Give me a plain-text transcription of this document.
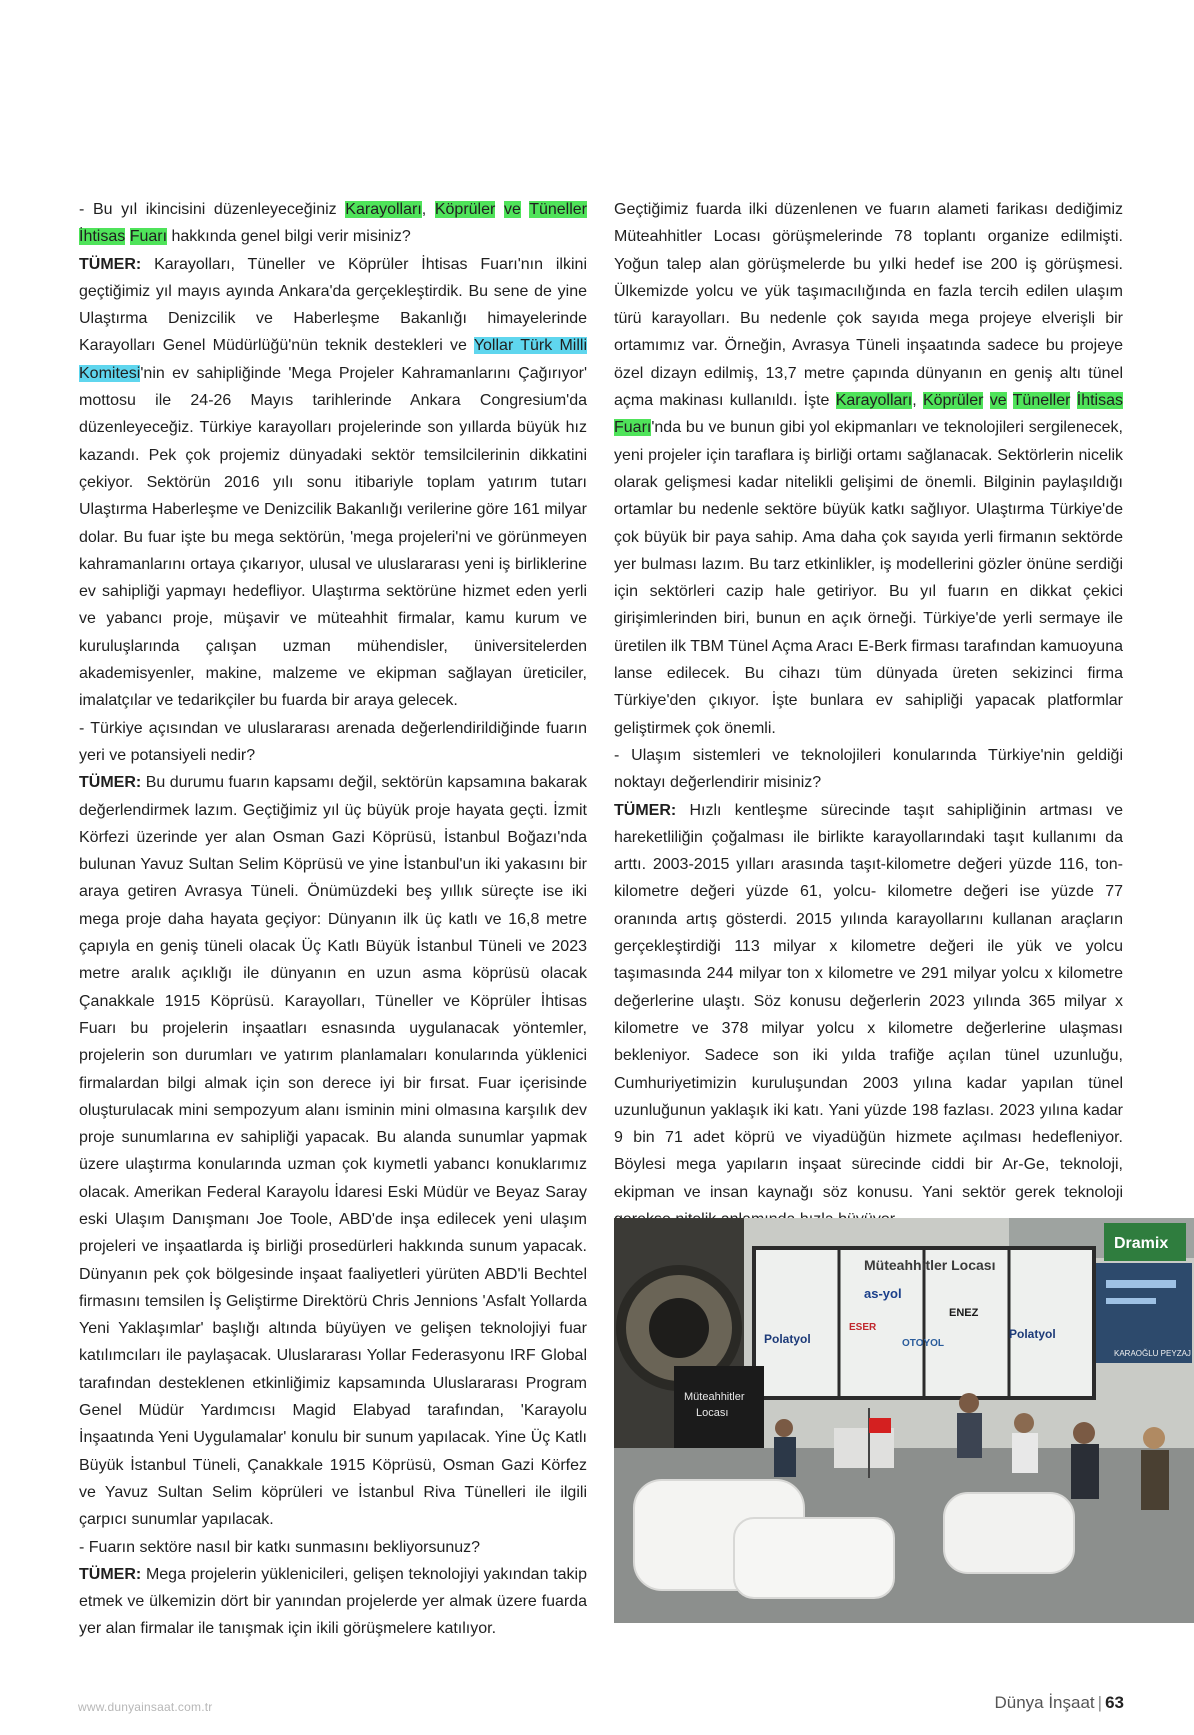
- Bu yıl ikincisini düzenleyeceğiniz Karayolları, Köprüler ve Tüneller İhtisas Fuarı hakkında genel bilgi verir misiniz?

TÜMER: Karayolları, Tüneller ve Köprüler İhtisas Fuarı'nın ilkini geçtiğimiz yıl mayıs ayında Ankara'da gerçekleştirdik. Bu sene de yine Ulaştırma Denizcilik ve Haberleşme Bakanlığı himayelerinde Karayolları Genel Müdürlüğü'nün teknik destekleri ve Yollar Türk Milli Komitesi'nin ev sahipliğinde 'Mega Projeler Kahramanlarını Çağırıyor' mottosu ile 24-26 Mayıs tarihlerinde Ankara Congresium'da düzenleyeceğiz. Türkiye karayolları projelerinde son yıllarda büyük hız kazandı. Pek çok projemiz dünyadaki sektör temsilcilerinin dikkatini çekiyor. Sektörün 2016 yılı sonu itibariyle toplam yatırım tutarı Ulaştırma Haberleşme ve Denizcilik Bakanlığı verilerine göre 161 milyar dolar. Bu fuar işte bu mega sektörün, 'mega projeleri'ni ve görünmeyen kahramanlarını ortaya çıkarıyor, ulusal ve uluslararası yeni iş birliklerine ev sahipliği yapmayı hedefliyor. Ulaştırma sektörüne hizmet eden yerli ve yabancı proje, müşavir ve müteahhit firmalar, kamu kurum ve kuruluşlarında çalışan uzman mühendisler, üniversitelerden akademisyenler, makine, malzeme ve ekipman sağlayan üreticiler, imalatçılar ve tedarikçiler bu fuarda bir araya gelecek.

- Türkiye açısından ve uluslararası arenada değerlendirildiğinde fuarın yeri ve potansiyeli nedir?

TÜMER: Bu durumu fuarın kapsamı değil, sektörün kapsamına bakarak değerlendirmek lazım. Geçtiğimiz yıl üç büyük proje hayata geçti. İzmit Körfezi üzerinde yer alan Osman Gazi Köprüsü, İstanbul Boğazı'nda bulunan Yavuz Sultan Selim Köprüsü ve yine İstanbul'un iki yakasını bir araya getiren Avrasya Tüneli. Önümüzdeki beş yıllık süreçte ise iki mega proje daha hayata geçiyor: Dünyanın ilk üç katlı ve 16,8 metre çapıyla en geniş tüneli olacak Üç Katlı Büyük İstanbul Tüneli ve 2023 metre aralık açıklığı ile dünyanın en uzun asma köprüsü olacak Çanakkale 1915 Köprüsü. Karayolları, Tüneller ve Köprüler İhtisas Fuarı bu projelerin inşaatları esnasında uygulanacak yöntemler, projelerin son durumları ve yatırım planlamaları konularında yüklenici firmalardan bilgi almak için son derece iyi bir fırsat. Fuar içerisinde oluşturulacak mini sempozyum alanı isminin mini olmasına karşılık dev proje sunumlarına ev sahipliği yapacak. Bu alanda sunumlar yapmak üzere ulaştırma konularında uzman çok kıymetli yabancı konuklarımız olacak. Amerikan Federal Karayolu İdaresi Eski Müdür ve Beyaz Saray eski Ulaşım Danışmanı Joe Toole, ABD'de inşa edilecek yeni ulaşım projeleri ve inşaatlarda iş birliği prosedürleri hakkında sunum yapacak. Dünyanın pek çok bölgesinde inşaat faaliyetleri yürüten ABD'li Bechtel firmasını temsilen İş Geliştirme Direktörü Chris Jennions 'Asfalt Yollarda Yeni Yaklaşımlar' başlığı altında büyüyen ve gelişen teknolojiyi fuar katılımcıları ile paylaşacak. Uluslararası Yollar Federasyonu IRF Global tarafından desteklenen etkinliğimiz kapsamında Uluslararası Program Genel Müdür Yardımcısı Magid Elabyad tarafından, 'Karayolu İnşaatında Yeni Uygulamalar' konulu bir sunum yapılacak. Yine Üç Katlı Büyük İstanbul Tüneli, Çanakkale 1915 Köprüsü, Osman Gazi Körfez ve Yavuz Sultan Selim köprüleri ve İstanbul Riva Tünelleri ile ilgili çarpıcı sunumlar yapılacak.

- Fuarın sektöre nasıl bir katkı sunmasını bekliyorsunuz?

TÜMER: Mega projelerin yüklenicileri, gelişen teknolojiyi yakından takip etmek ve ülkemizin dört bir yanından projelerde yer almak üzere fuarda yer alan firmalar ile tanışmak için ikili görüşmelere katılıyor.

Geçtiğimiz fuarda ilki düzenlenen ve fuarın alameti farikası dediğimiz Müteahhitler Locası görüşmelerinde 78 toplantı organize edilmişti. Yoğun talep alan görüşmelerde bu yılki hedef ise 200 iş görüşmesi. Ülkemizde yolcu ve yük taşımacılığında en fazla tercih edilen ulaşım türü karayolları. Bu nedenle çok sayıda mega projeye elverişli bir ortamımız var. Örneğin, Avrasya Tüneli inşaatında sadece bu projeye özel dizayn edilmiş, 13,7 metre çapında dünyanın en geniş altı tünel açma makinası kullanıldı. İşte Karayolları, Köprüler ve Tüneller İhtisas Fuarı'nda bu ve bunun gibi yol ekipmanları ve teknolojileri sergilenecek, yeni projeler için taraflara iş birliği ortamı sağlanacak. Sektörlerin nicelik olarak gelişmesi kadar nitelikli gelişimi de önemli. Bilginin paylaşıldığı ortamlar bu nedenle sektöre büyük katkı sağlıyor. Ulaştırma Türkiye'de çok büyük bir paya sahip. Ama daha çok sayıda yerli firmanın sektörde yer bulması lazım. Bu tarz etkinlikler, iş modellerini gözler önüne serdiği için sektörleri cazip hale getiriyor. Bu yıl fuarın en dikkat çekici girişimlerinden biri, bunun en açık örneği. Türkiye'de yerli sermaye ile üretilen ilk TBM Tünel Açma Aracı E-Berk firması tarafından kamuoyuna lanse edilecek. Bu cihazı tüm dünyada üreten sekizinci firma Türkiye'den çıkıyor. İşte bunlara ev sahipliği yapacak platformlar geliştirmek çok önemli.

- Ulaşım sistemleri ve teknolojileri konularında Türkiye'nin geldiği noktayı değerlendirir misiniz?

TÜMER: Hızlı kentleşme sürecinde taşıt sahipliğinin artması ve hareketliliğin çoğalması ile birlikte karayollarındaki taşıt kullanımı da arttı. 2003-2015 yılları arasında taşıt-kilometre değeri yüzde 116, ton- kilometre değeri yüzde 61, yolcu- kilometre değeri ise yüzde 77 oranında artış gösterdi. 2015 yılında karayollarını kullanan araçların gerçekleştirdiği 113 milyar x kilometre değeri ile yük ve yolcu taşımasında 244 milyar ton x kilometre ve 291 milyar yolcu x kilometre değerlerine ulaştı. Söz konusu değerlerin 2023 yılında 365 milyar x kilometre ve 378 milyar yolcu x kilometre değerlerine ulaşması bekleniyor. Sadece son iki yılda trafiğe açılan tünel uzunluğu, Cumhuriyetimizin kuruluşundan 2003 yılına kadar yapılan tünel uzunluğunun yaklaşık iki katı. Yani yüzde 198 fazlası. 2023 yılına kadar 9 bin 71 adet köprü ve viyadüğün hizmete açılması hedefleniyor. Böylesi mega yapıların inşaat sürecinde ciddi bir Ar-Ge, teknoloji, ekipman ve insan kaynağı söz konusu. Yani sektör gerek teknoloji

Dramix
KARAOĞLU PEYZAJ
Müteahhitler Locası
as-yol
ENEZ
ESER
OTOYOL
Polatyol	Polatyol
Müteahhitler
Locası
www.dunyainsaat.com.tr	Dünya İnşaat | 63
